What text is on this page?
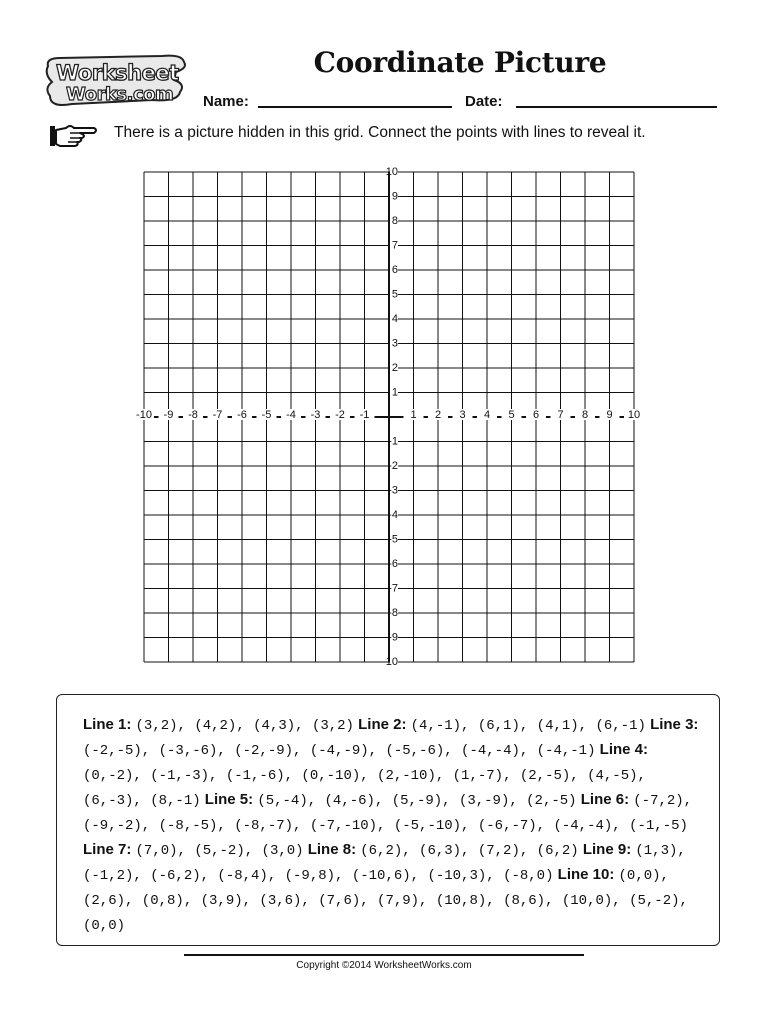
Worksheet
Works.com
Coordinate Picture
Name:	Date:
There is a picture hidden in this grid. Connect the points with lines to reveal it.
-10 -9 -8 -7 -6 -5 -4 -3 -2 -1	1 2 3 4 5 6 7 8 9 10
10
9
8
7
6
5
4
3
2
1
-1
-2
-3
-4
-5
-6
-7
-8
-9
-10
Line 1: (3,2), (4,2), (4,3), (3,2) Line 2: (4,-1), (6,1), (4,1), (6,-1) Line 3: (-2,-5), (-3,-6), (-2,-9), (-4,-9), (-5,-6), (-4,-4), (-4,-1) Line 4: (0,-2), (-1,-3), (-1,-6), (0,-10), (2,-10), (1,-7), (2,-5), (4,-5), (6,-3), (8,-1) Line 5: (5,-4), (4,-6), (5,-9), (3,-9), (2,-5) Line 6: (-7,2), (-9,-2), (-8,-5), (-8,-7), (-7,-10), (-5,-10), (-6,-7), (-4,-4), (-1,-5) Line 7: (7,0), (5,-2), (3,0) Line 8: (6,2), (6,3), (7,2), (6,2) Line 9: (1,3), (-1,2), (-6,2), (-8,4), (-9,8), (-10,6), (-10,3), (-8,0) Line 10: (0,0), (2,6), (0,8), (3,9), (3,6), (7,6), (7,9), (10,8), (8,6), (10,0), (5,-2), (0,0)
Copyright ©2014 WorksheetWorks.com
